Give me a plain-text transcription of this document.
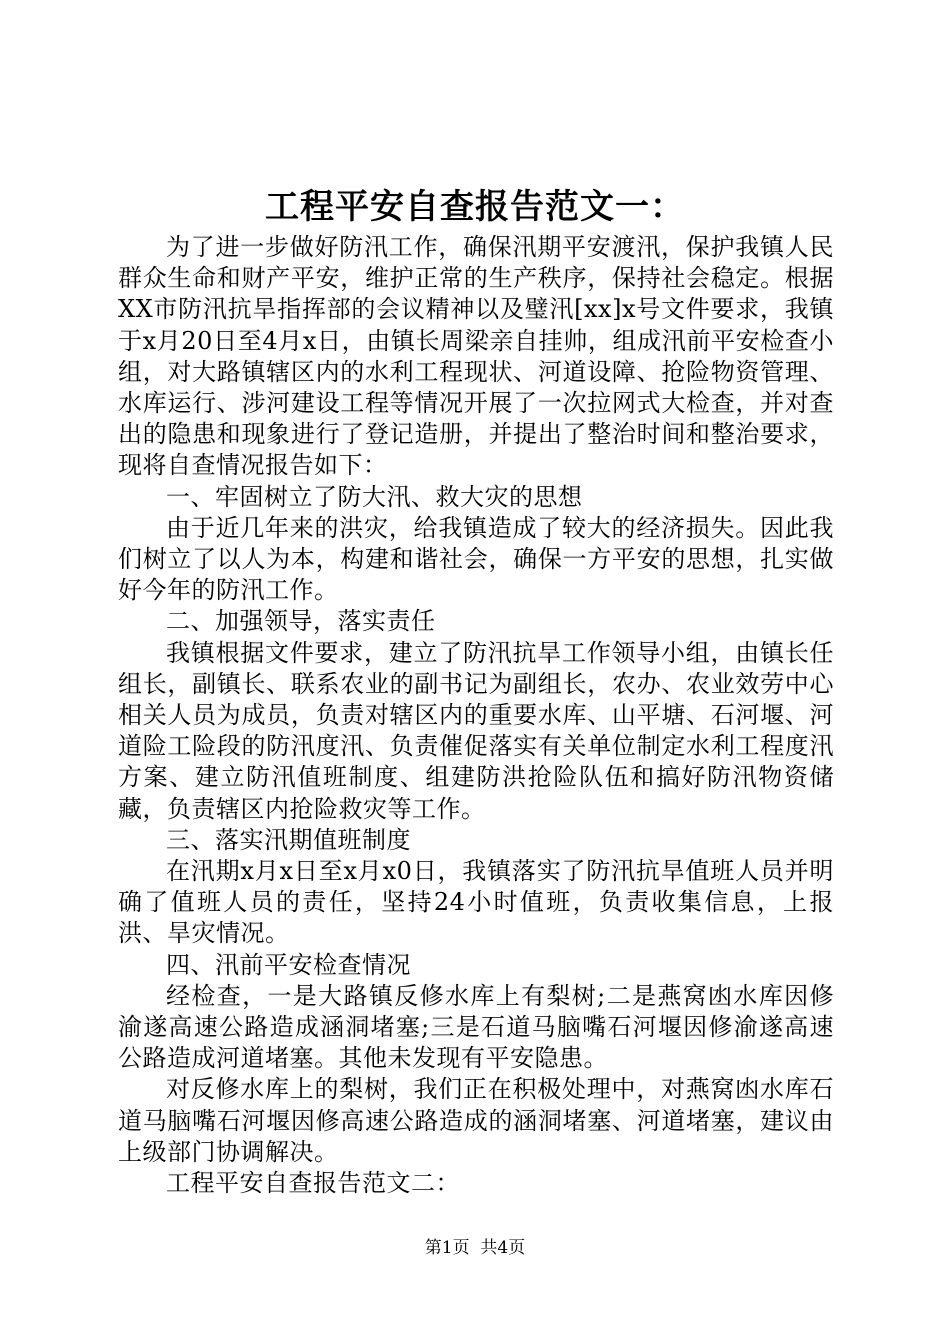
工程平安自查报告范文一：

为了进一步做好防汛工作，确保汛期平安渡汛，保护我镇人民群众生命和财产平安，维护正常的生产秩序，保持社会稳定。根据XX市防汛抗旱指挥部的会议精神以及璧汛[xx]x号文件要求，我镇于x月20日至4月x日，由镇长周梁亲自挂帅，组成汛前平安检查小组，对大路镇辖区内的水利工程现状、河道设障、抢险物资管理、水库运行、涉河建设工程等情况开展了一次拉网式大检查，并对查出的隐患和现象进行了登记造册，并提出了整治时间和整治要求，现将自查情况报告如下：

一、牢固树立了防大汛、救大灾的思想

由于近几年来的洪灾，给我镇造成了较大的经济损失。因此我们树立了以人为本，构建和谐社会，确保一方平安的思想，扎实做好今年的防汛工作。

二、加强领导，落实责任

我镇根据文件要求，建立了防汛抗旱工作领导小组，由镇长任组长，副镇长、联系农业的副书记为副组长，农办、农业效劳中心相关人员为成员，负责对辖区内的重要水库、山平塘、石河堰、河道险工险段的防汛度汛、负责催促落实有关单位制定水利工程度汛方案、建立防汛值班制度、组建防洪抢险队伍和搞好防汛物资储藏，负责辖区内抢险救灾等工作。

三、落实汛期值班制度

在汛期x月x日至x月x0日，我镇落实了防汛抗旱值班人员并明确了值班人员的责任，坚持24小时值班，负责收集信息，上报洪、旱灾情况。

四、汛前平安检查情况

经检查，一是大路镇反修水库上有梨树;二是燕窝凼水库因修渝遂高速公路造成涵洞堵塞;三是石道马脑嘴石河堰因修渝遂高速公路造成河道堵塞。其他未发现有平安隐患。

对反修水库上的梨树，我们正在积极处理中，对燕窝凼水库石道马脑嘴石河堰因修高速公路造成的涵洞堵塞、河道堵塞，建议由上级部门协调解决。

工程平安自查报告范文二：

第1页  共4页
